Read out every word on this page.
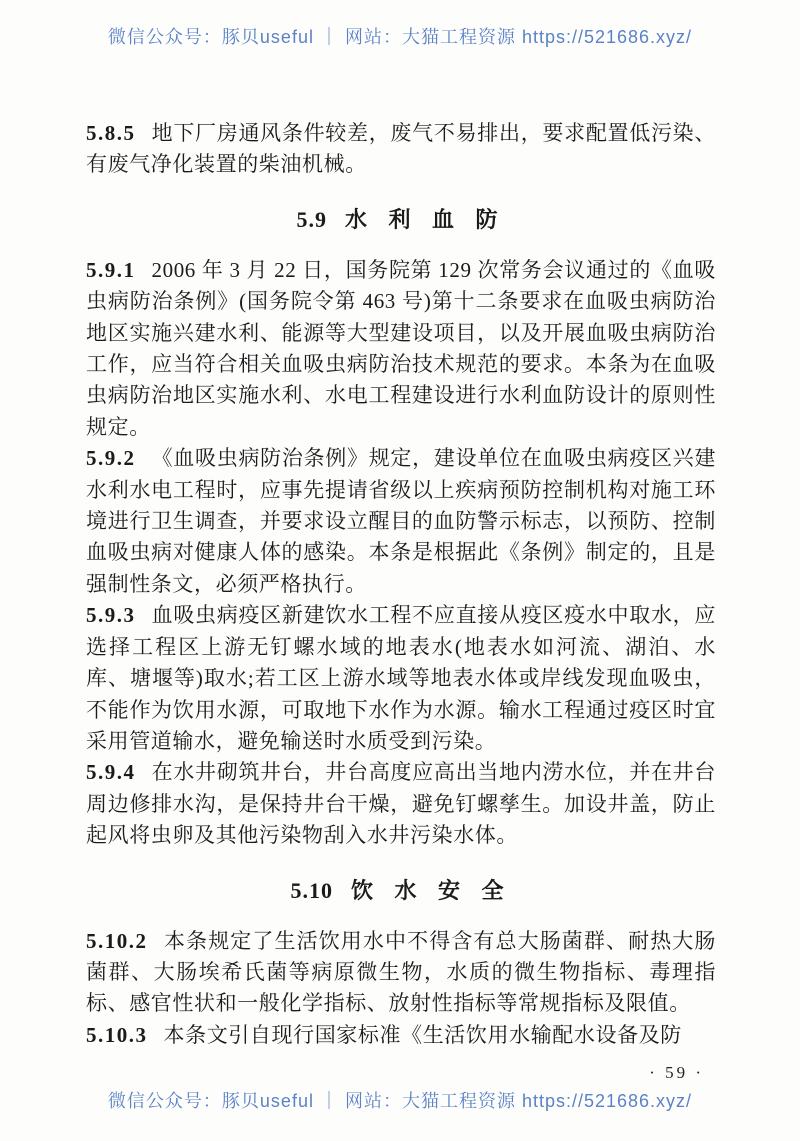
微信公众号：豚贝useful ｜ 网站：大猫工程资源 https://521686.xyz/

5.8.5 地下厂房通风条件较差，废气不易排出，要求配置低污染、有废气净化装置的柴油机械。

5.9 水 利 血 防

5.9.1 2006 年 3 月 22 日，国务院第 129 次常务会议通过的《血吸虫病防治条例》(国务院令第 463 号)第十二条要求在血吸虫病防治地区实施兴建水利、能源等大型建设项目，以及开展血吸虫病防治工作，应当符合相关血吸虫病防治技术规范的要求。本条为在血吸虫病防治地区实施水利、水电工程建设进行水利血防设计的原则性规定。

5.9.2 《血吸虫病防治条例》规定，建设单位在血吸虫病疫区兴建水利水电工程时，应事先提请省级以上疾病预防控制机构对施工环境进行卫生调查，并要求设立醒目的血防警示标志，以预防、控制血吸虫病对健康人体的感染。本条是根据此《条例》制定的，且是强制性条文，必须严格执行。

5.9.3 血吸虫病疫区新建饮水工程不应直接从疫区疫水中取水，应选择工程区上游无钉螺水域的地表水(地表水如河流、湖泊、水库、塘堰等)取水;若工区上游水域等地表水体或岸线发现血吸虫，不能作为饮用水源，可取地下水作为水源。输水工程通过疫区时宜采用管道输水，避免输送时水质受到污染。

5.9.4 在水井砌筑井台，井台高度应高出当地内涝水位，并在井台周边修排水沟，是保持井台干燥，避免钉螺孳生。加设井盖，防止起风将虫卵及其他污染物刮入水井污染水体。

5.10 饮 水 安 全

5.10.2 本条规定了生活饮用水中不得含有总大肠菌群、耐热大肠菌群、大肠埃希氏菌等病原微生物，水质的微生物指标、毒理指标、感官性状和一般化学指标、放射性指标等常规指标及限值。

5.10.3 本条文引自现行国家标准《生活饮用水输配水设备及防

· 59 ·
微信公众号：豚贝useful ｜ 网站：大猫工程资源 https://521686.xyz/
